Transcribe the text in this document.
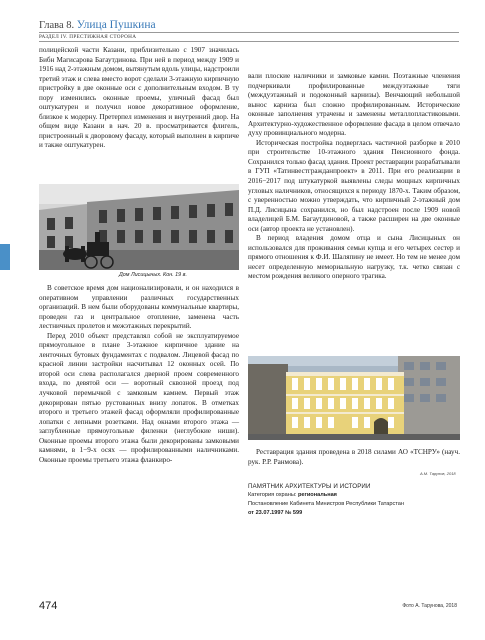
Глава 8. Улица Пушкина
РАЗДЕЛ IV. ПРЕСТИЖНАЯ СТОРОНА

полицейской части Казани, приблизительно с 1907 значилась Бибн Магисарова Багаутдинова. При ней в период между 1909 и 1916 над 2-этажным домом, вытянутым вдоль улицы, надстроили третий этаж и слева вместо ворот сделали 3-этажную кирпичную пристройку в две оконные оси с дополнительным входом. В ту пору изменились оконные проемы, уличный фасад был оштукатурен и получил новое декоративное оформление, близкое к модерну. Претерпел изменения и внутренний двор. На общем виде Казани в нач. 20 в. просматривается флигель, пристроенный к дворовому фасаду, который выполнен в кирпиче и также оштукатурен.

Дом Лисицыных. Кон. 19 в.

В советское время дом национализировали, и он находился в оперативном управлении различных государственных организаций. В нем были оборудованы коммунальные квартиры, проведен газ и центральное отопление, заменена часть лестничных пролетов и межэтажных перекрытий.

Перед 2010 объект представлял собой не эксплуатируемое прямоугольное в плане 3-этажное кирпичное здание на ленточных бутовых фундаментах с подвалом. Лицевой фасад по красной линии застройки насчитывал 12 оконных осей. По второй оси слева располагался дверной проем современного входа, по девятой оси — воротный сквозной проезд под лучковой перемычкой с замковым камнем. Первый этаж декорирован пятью рустованных внизу лопаток. В отметках второго и третьего этажей фасад оформляли профилированные лопатки с лепными розетками. Над окнами второго этажа — заглубленные прямоугольные филенки (неглубокие ниши). Оконные проемы второго этажа были декорированы замковыми камнями, в 1−9-х осях — профилированными наличниками. Оконные проемы третьего этажа фланкиро-

вали плоские наличники и замковые камни. Поэтажные членения подчеркивали профилированные междуэтажные тяги (междуэтажный и подоконный карнизы). Венчающий небольшой вынос карниза был сложно профилированным. Исторические оконные заполнения утрачены и заменены металлопластиковыми. Архитектурно-художественное оформление фасада в целом отвечало духу провинциального модерна.

Историческая постройка подверглась частичной разборке в 2010 при строительстве 10-этажного здания Пенсионного фонда. Сохранился только фасад здания. Проект реставрации разрабатывали в ГУП «Татинвестгражданпроект» в 2011. При его реализации в 2016−2017 под штукатуркой выявлены следы мощных кирпичных угловых наличников, относящихся к периоду 1870-х. Таким образом, с уверенностью можно утверждать, что кирпичный 2-этажный дом П.Д. Лисицына сохранился, но был надстроен после 1909 новой владелицей Б.М. Багаутдиновой, а также расширен на две оконные оси (автор проекта не установлен).

В период владения домом отца и сына Лисицыных он использовался для проживания семьи купца и его четырех сестер и прямого отношения к Ф.И. Шаляпину не имеет. Но тем не менее дом несет определенную мемориальную нагрузку, т.к. четко связан с местом рождения великого оперного трагика.

Реставрация здания проведена в 2018 силами АО «ТСНРУ» (науч. рук. Р.Р. Ранмова).

А.М. Тарунов, 2018
ПАМЯТНИК АРХИТЕКТУРЫ И ИСТОРИИ
Категория охраны: региональная
Постановление Кабинета Министров Республики Татарстан
от 23.07.1997 № 599
474	Фото А. Тарунова, 2018
